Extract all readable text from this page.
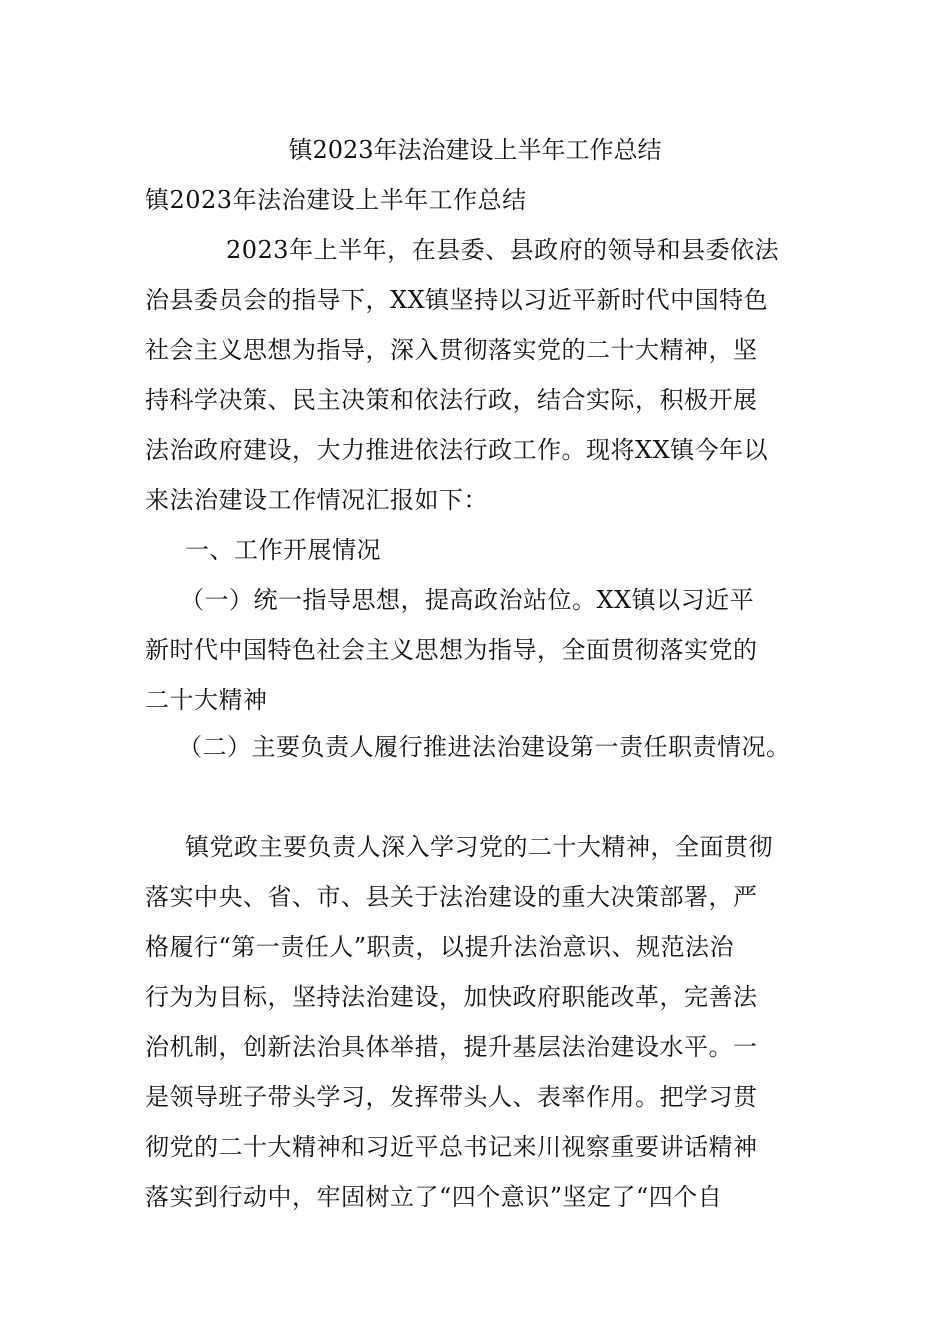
镇2023年法治建设上半年工作总结
镇2023年法治建设上半年工作总结
2023年上半年，在县委、县政府的领导和县委依法
治县委员会的指导下，XX镇坚持以习近平新时代中国特色
社会主义思想为指导，深入贯彻落实党的二十大精神，坚
持科学决策、民主决策和依法行政，结合实际，积极开展
法治政府建设，大力推进依法行政工作。现将XX镇今年以
来法治建设工作情况汇报如下：
一、工作开展情况
（一）统一指导思想，提高政治站位。XX镇以习近平
新时代中国特色社会主义思想为指导，全面贯彻落实党的
二十大精神
（二）主要负责人履行推进法治建设第一责任职责情况。
镇党政主要负责人深入学习党的二十大精神，全面贯彻
落实中央、省、市、县关于法治建设的重大决策部署，严
格履行“第一责任人”职责，以提升法治意识、规范法治
行为为目标，坚持法治建设，加快政府职能改革，完善法
治机制，创新法治具体举措，提升基层法治建设水平。一
是领导班子带头学习，发挥带头人、表率作用。把学习贯
彻党的二十大精神和习近平总书记来川视察重要讲话精神
落实到行动中，牢固树立了“四个意识”坚定了“四个自
